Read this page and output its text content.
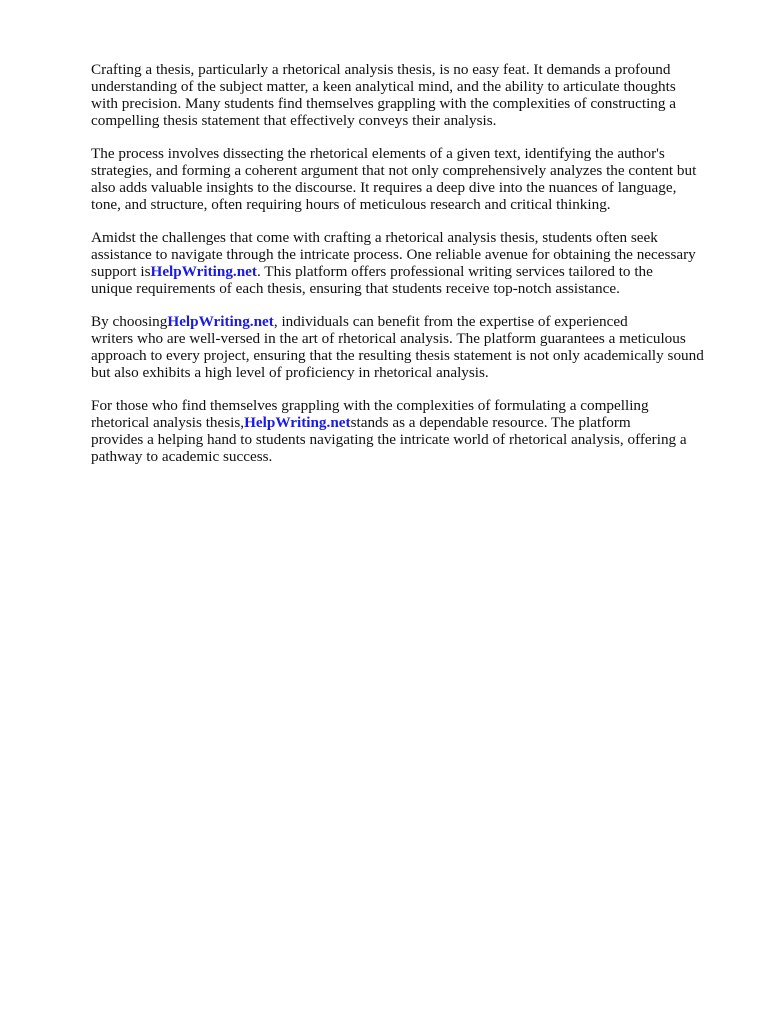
Crafting a thesis, particularly a rhetorical analysis thesis, is no easy feat. It demands a profound

understanding of the subject matter, a keen analytical mind, and the ability to articulate thoughts

with precision. Many students find themselves grappling with the complexities of constructing a

compelling thesis statement that effectively conveys their analysis.

The process involves dissecting the rhetorical elements of a given text, identifying the author's

strategies, and forming a coherent argument that not only comprehensively analyzes the content but

also adds valuable insights to the discourse. It requires a deep dive into the nuances of language,

tone, and structure, often requiring hours of meticulous research and critical thinking.

Amidst the challenges that come with crafting a rhetorical analysis thesis, students often seek

assistance to navigate through the intricate process. One reliable avenue for obtaining the necessary

support isHelpWriting.net. This platform offers professional writing services tailored to the

unique requirements of each thesis, ensuring that students receive top-notch assistance.

By choosingHelpWriting.net, individuals can benefit from the expertise of experienced

writers who are well-versed in the art of rhetorical analysis. The platform guarantees a meticulous

approach to every project, ensuring that the resulting thesis statement is not only academically sound

but also exhibits a high level of proficiency in rhetorical analysis.

For those who find themselves grappling with the complexities of formulating a compelling

rhetorical analysis thesis,HelpWriting.netstands as a dependable resource. The platform

provides a helping hand to students navigating the intricate world of rhetorical analysis, offering a

pathway to academic success.
